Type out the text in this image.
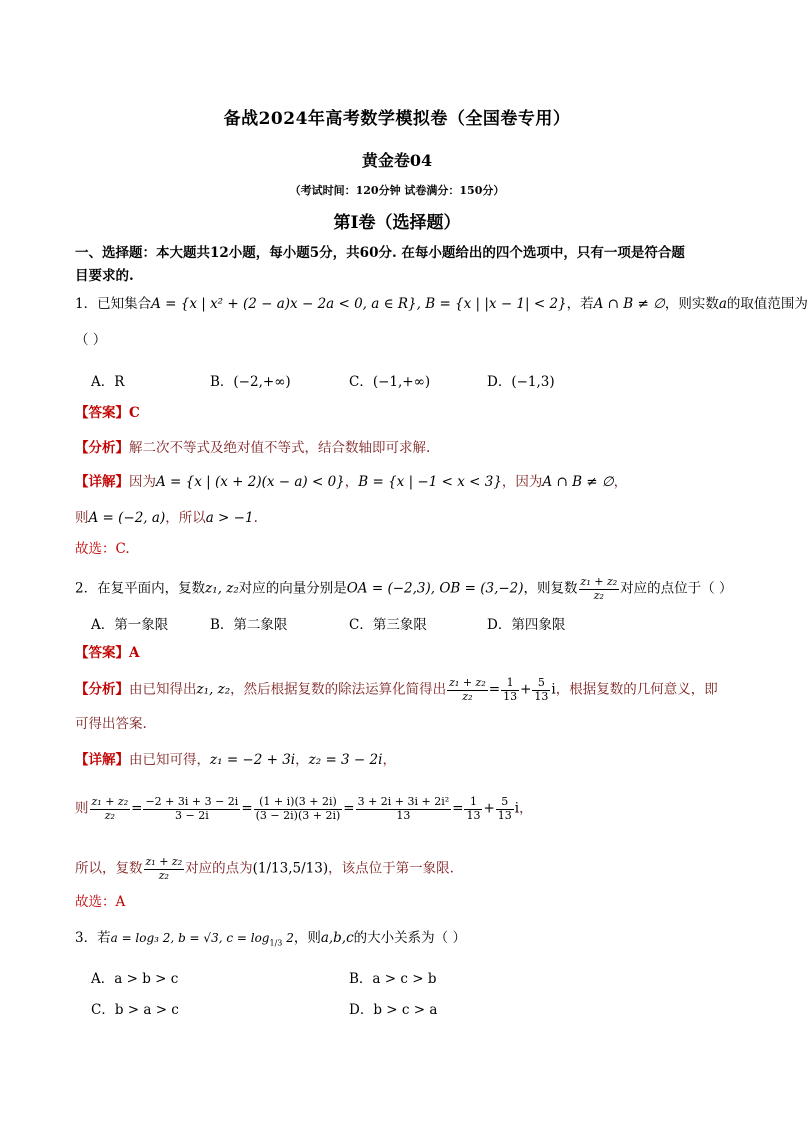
备战2024年高考数学模拟卷（全国卷专用）
黄金卷04
（考试时间：120分钟 试卷满分：150分）
第I卷（选择题）
一、选择题：本大题共12小题，每小题5分，共60分. 在每小题给出的四个选项中，只有一项是符合题
目要求的.
1．已知集合A = {x | x² + (2 − a)x − 2a < 0, a ∈ R}, B = {x | |x − 1| < 2}，若A ∩ B ≠ ∅，则实数a的取值范围为
（ ）
A．R	B．(−2,+∞)	C．(−1,+∞)	D．(−1,3)
【答案】C
【分析】解二次不等式及绝对值不等式，结合数轴即可求解.
【详解】因为A = {x | (x + 2)(x − a) < 0}，B = {x | −1 < x < 3}，因为A ∩ B ≠ ∅，
则A = (−2, a)，所以a > −1.
故选：C.
2．在复平面内，复数z₁, z₂对应的向量分别是OA = (−2,3), OB = (3,−2)，则复数 $\frac{\text{z₁ + z₂}}{\text{z₂}}$ 对应的点位于（ ）
A．第一象限	B．第二象限	C．第三象限	D．第四象限
【答案】A
【分析】由已知得出z₁, z₂，然后根据复数的除法运算化简得出 $\frac{\text{z₁ + z₂}}{\text{z₂}} = \frac{1}{13} + \frac{5}{13}$ i，根据复数的几何意义，即
可得出答案.
【详解】由已知可得，z₁ = −2 + 3i，z₂ = 3 − 2i，
则 $\frac{\text{z₁ + z₂}}{\text{z₂}} = \frac{-2 + 3i + 3 - 2i}{3 - 2i} = \frac{(1 + i)(3 + 2i)}{(3 - 2i)(3 + 2i)} = \frac{\text{3 + 2i + 3i + 2i²}}{13} = \frac{1}{13} + \frac{5}{13}$ i，
所以，复数 $\frac{\text{z₁ + z₂}}{\text{z₂}}$ 对应的点为(1/13,5/13)，该点位于第一象限.
故选：A
3．若a = log₃ 2, b = √3, $c = \log_{1/3} 2$，则a,b,c的大小关系为（ ）
A．a > b > c	B．a > c > b
C．b > a > c	D．b > c > a
